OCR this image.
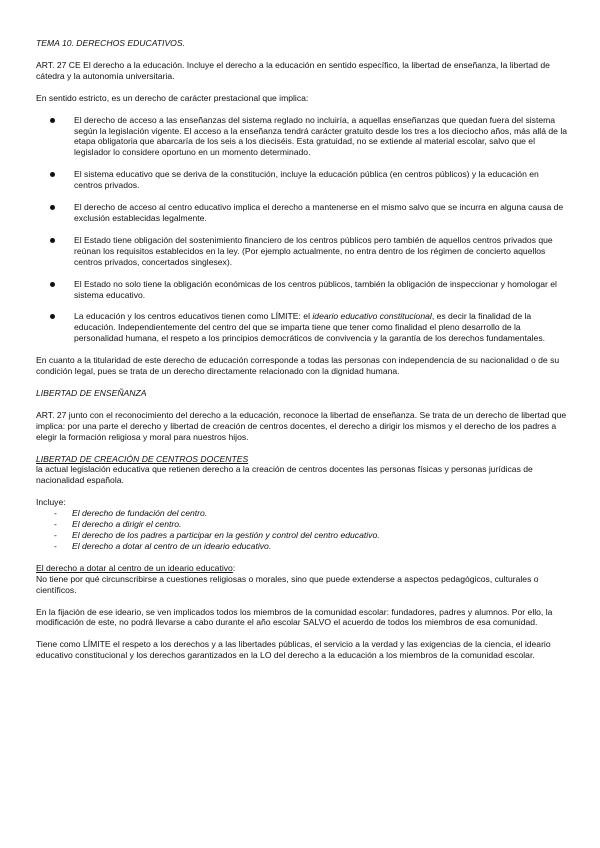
TEMA 10. DERECHOS EDUCATIVOS.

ART. 27 CE El derecho a la educación. Incluye el derecho a la educación en sentido específico, la libertad de enseñanza, la libertad de cátedra y la autonomía universitaria.

En sentido estricto, es un derecho de carácter prestacional que implica:

El derecho de acceso a las enseñanzas del sistema reglado no incluiría, a aquellas enseñanzas que quedan fuera del sistema según la legislación vigente. El acceso a la enseñanza tendrá carácter gratuito desde los tres a los dieciocho años, más allá de la etapa obligatoria que abarcaría de los seis a los dieciséis. Esta gratuidad, no se extiende al material escolar, salvo que el legislador lo considere oportuno en un momento determinado.
El sistema educativo que se deriva de la constitución, incluye la educación pública (en centros públicos) y la educación en centros privados.
El derecho de acceso al centro educativo implica el derecho a mantenerse en el mismo salvo que se incurra en alguna causa de exclusión establecidas legalmente.
El Estado tiene obligación del sostenimiento financiero de los centros públicos pero también de aquellos centros privados que reúnan los requisitos establecidos en la ley. (Por ejemplo actualmente, no entra dentro de los régimen de concierto aquellos centros privados, concertados singlesex).
El Estado no solo tiene la obligación económicas de los centros públicos, también la obligación de inspeccionar y homologar el sistema educativo.
La educación y los centros educativos tienen como LÍMITE: el ideario educativo constitucional, es decir la finalidad de la educación. Independientemente del centro del que se imparta tiene que tener como finalidad el pleno desarrollo de la personalidad humana, el respeto a los principios democráticos de convivencia y la garantía de los derechos fundamentales.

En cuanto a la titularidad de este derecho de educación corresponde a todas las personas con independencia de su nacionalidad o de su condición legal, pues se trata de un derecho directamente relacionado con la dignidad humana.

LIBERTAD DE ENSEÑANZA

ART. 27 junto con el reconocimiento del derecho a la educación, reconoce la libertad de enseñanza. Se trata de un derecho de libertad que implica: por una parte el derecho y libertad de creación de centros docentes, el derecho a dirigir los mismos y el derecho de los padres a elegir la formación religiosa y moral para nuestros hijos.

LIBERTAD DE CREACIÓN DE CENTROS DOCENTES

la actual legislación educativa que retienen derecho a la creación de centros docentes las personas físicas y personas jurídicas de nacionalidad española.

Incluye:

- El derecho de fundación del centro.
- El derecho a dirigir el centro.
- El derecho de los padres a participar en la gestión y control del centro educativo.
- El derecho a dotar al centro de un ideario educativo.

El derecho a dotar al centro de un ideario educativo:

No tiene por qué circunscribirse a cuestiones religiosas o morales, sino que puede extenderse a aspectos pedagógicos, culturales o científicos.

En la fijación de ese ideario, se ven implicados todos los miembros de la comunidad escolar: fundadores, padres y alumnos. Por ello, la modificación de este, no podrá llevarse a cabo durante el año escolar SALVO el acuerdo de todos los miembros de esa comunidad.

Tiene como LÍMITE el respeto a los derechos y a las libertades públicas, el servicio a la verdad y las exigencias de la ciencia, el ideario educativo constitucional y los derechos garantizados en la LO del derecho a la educación a los miembros de la comunidad escolar.
